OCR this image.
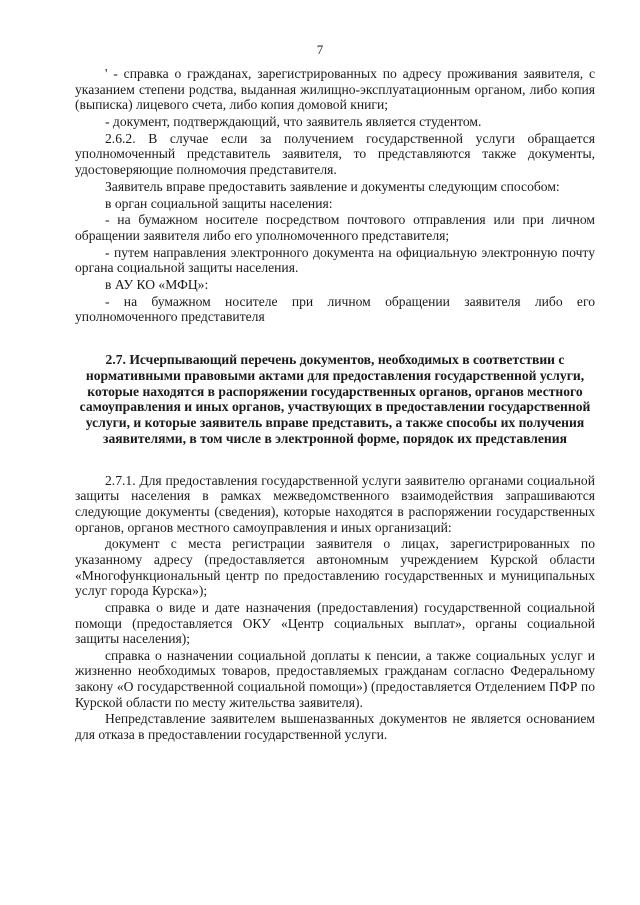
7

' - справка о гражданах, зарегистрированных по адресу проживания заявителя, с указанием степени родства, выданная жилищно-эксплуатационным органом, либо копия (выписка) лицевого счета, либо копия домовой книги;

- документ, подтверждающий, что заявитель является студентом.

2.6.2. В случае если за получением государственной услуги обращается уполномоченный представитель заявителя, то представляются также документы, удостоверяющие полномочия представителя.

Заявитель вправе предоставить заявление и документы следующим способом:

в орган социальной защиты населения:

- на бумажном носителе посредством почтового отправления или при личном обращении заявителя либо его уполномоченного представителя;

- путем направления электронного документа на официальную электронную почту органа социальной защиты населения.

в АУ КО «МФЦ»:

- на бумажном носителе при личном обращении заявителя либо его уполномоченного представителя

2.7. Исчерпывающий перечень документов, необходимых в соответствии с нормативными правовыми актами для предоставления государственной услуги, которые находятся в распоряжении государственных органов, органов местного самоуправления и иных органов, участвующих в предоставлении государственной услуги, и которые заявитель вправе представить, а также способы их получения заявителями, в том числе в электронной форме, порядок их представления

2.7.1. Для предоставления государственной услуги заявителю органами социальной защиты населения в рамках межведомственного взаимодействия запрашиваются следующие документы (сведения), которые находятся в распоряжении государственных органов, органов местного самоуправления и иных организаций:

документ с места регистрации заявителя о лицах, зарегистрированных по указанному адресу (предоставляется автономным учреждением Курской области «Многофункциональный центр по предоставлению государственных и муниципальных услуг города Курска»);

справка о виде и дате назначения (предоставления) государственной социальной помощи (предоставляется ОКУ «Центр социальных выплат», органы социальной защиты населения);

справка о назначении социальной доплаты к пенсии, а также социальных услуг и жизненно необходимых товаров, предоставляемых гражданам согласно Федеральному закону «О государственной социальной помощи») (предоставляется Отделением ПФР по Курской области по месту жительства заявителя).

Непредставление заявителем вышеназванных документов не является основанием для отказа в предоставлении государственной услуги.
